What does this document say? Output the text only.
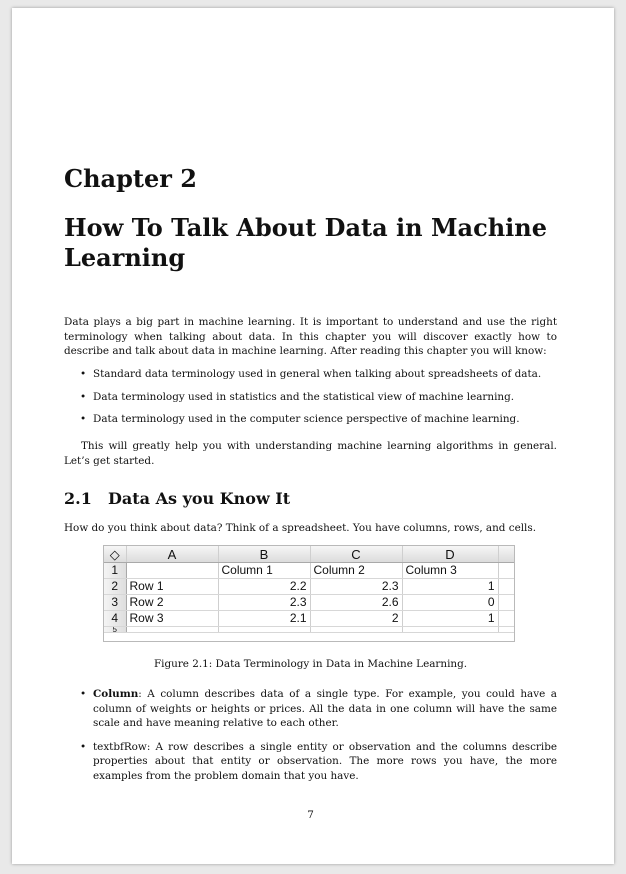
Chapter 2
How To Talk About Data in Machine Learning

Data plays a big part in machine learning. It is important to understand and use the right terminology when talking about data. In this chapter you will discover exactly how to describe and talk about data in machine learning. After reading this chapter you will know:

• Standard data terminology used in general when talking about spreadsheets of data.
• Data terminology used in statistics and the statistical view of machine learning.
• Data terminology used in the computer science perspective of machine learning.

This will greatly help you with understanding machine learning algorithms in general. Let’s get started.

2.1 Data As you Know It

How do you think about data? Think of a spreadsheet. You have columns, rows, and cells.

◇	A	B	C	D	
1		Column 1	Column 2	Column 3	
2	Row 1	2.2	2.3	1	
3	Row 2	2.3	2.6	0	
4	Row 3	2.1	2	1	
5					

Figure 2.1: Data Terminology in Data in Machine Learning.

• Column: A column describes data of a single type. For example, you could have a column of weights or heights or prices. All the data in one column will have the same scale and have meaning relative to each other.
• textbfRow: A row describes a single entity or observation and the columns describe properties about that entity or observation. The more rows you have, the more examples from the problem domain that you have.

7
